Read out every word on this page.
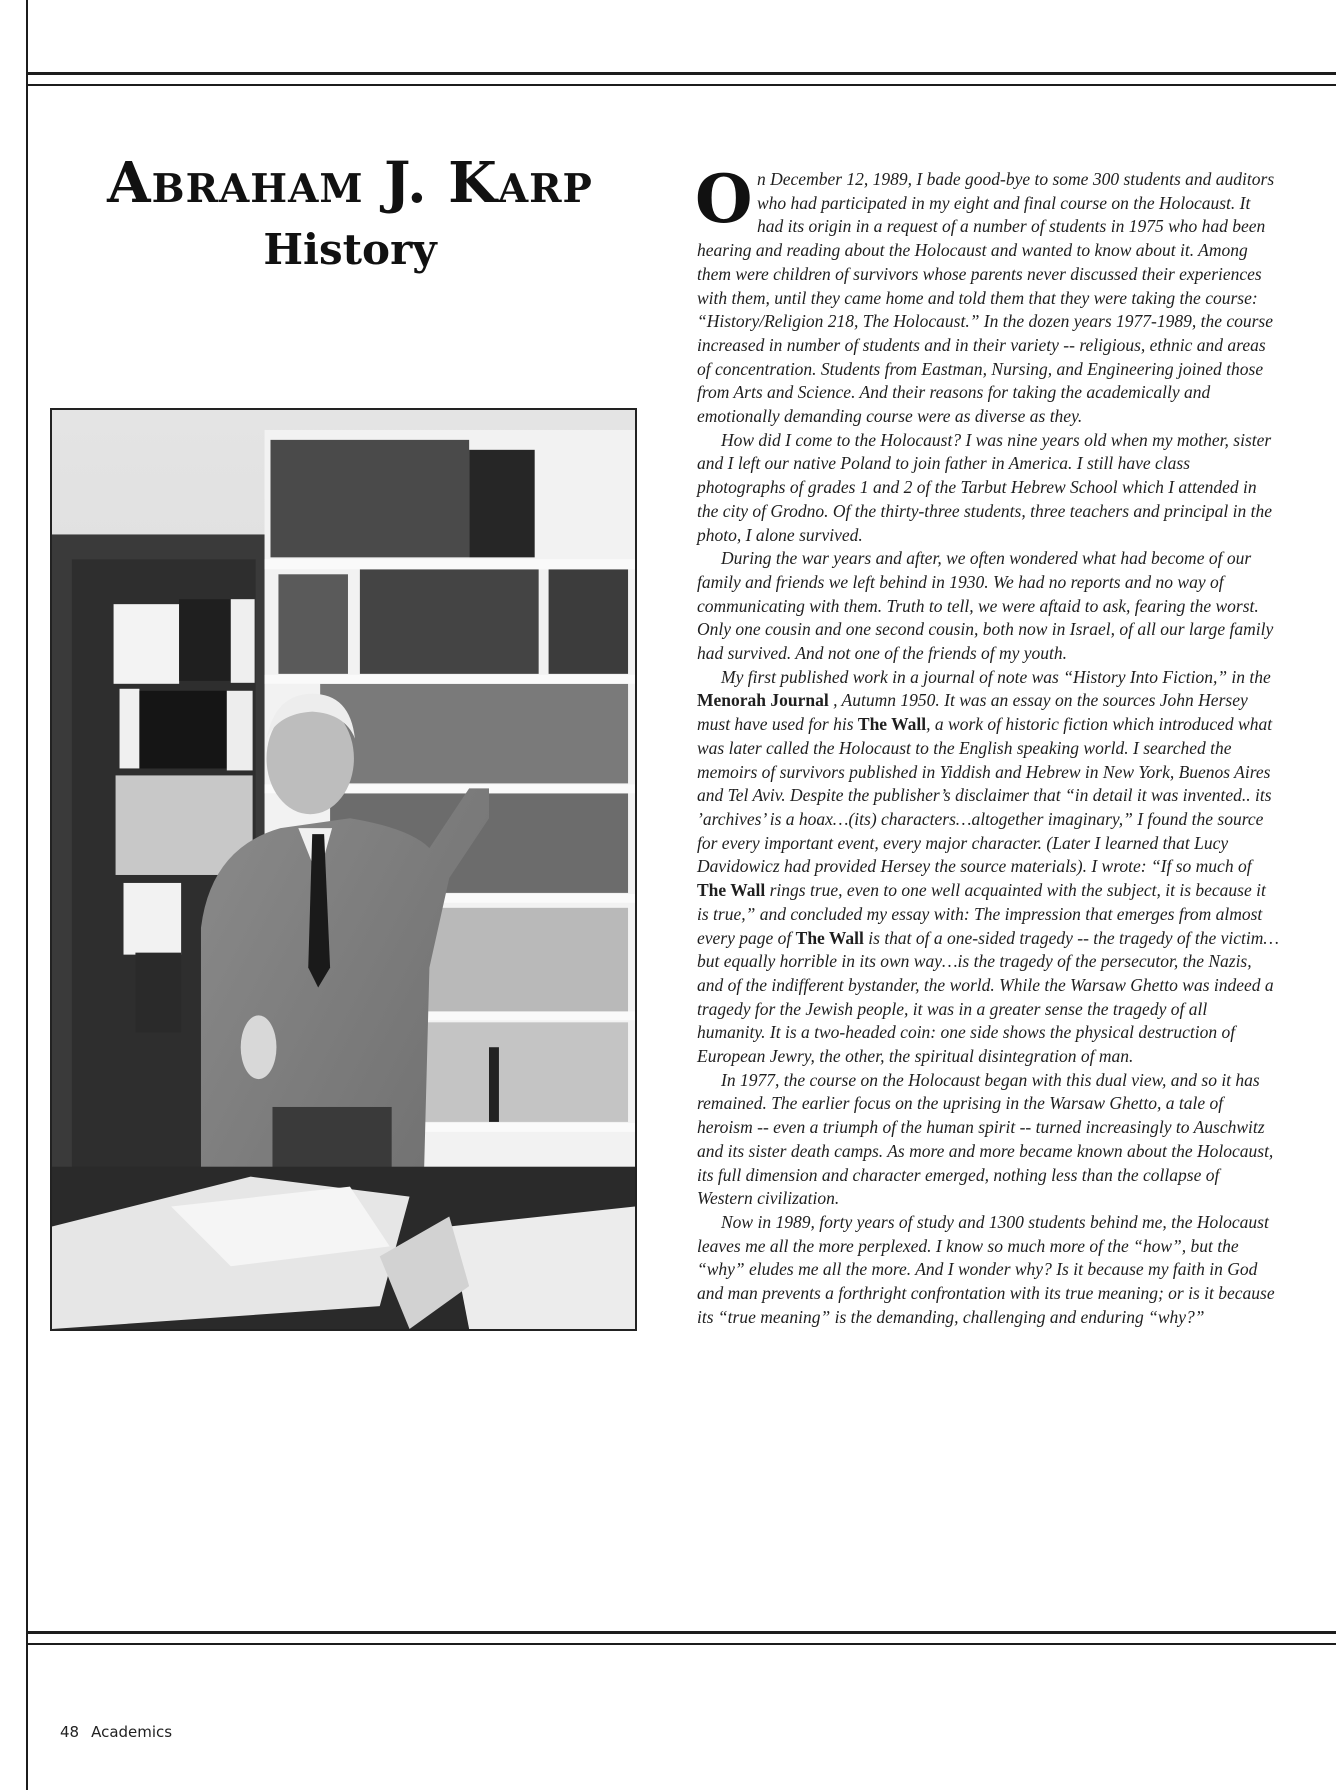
Abraham J. Karp
History

On December 12, 1989, I bade good-bye to some 300 students and auditors who had participated in my eight and final course on the Holocaust. It had its origin in a request of a number of students in 1975 who had been hearing and reading about the Holocaust and wanted to know about it. Among them were children of survivors whose parents never discussed their experiences with them, until they came home and told them that they were taking the course: “History/Religion 218, The Holocaust.” In the dozen years 1977-1989, the course increased in number of students and in their variety -- religious, ethnic and areas of concentration. Students from Eastman, Nursing, and Engineering joined those from Arts and Science. And their reasons for taking the academically and emotionally demanding course were as diverse as they.

How did I come to the Holocaust? I was nine years old when my mother, sister and I left our native Poland to join father in America. I still have class photographs of grades 1 and 2 of the Tarbut Hebrew School which I attended in the city of Grodno. Of the thirty-three students, three teachers and principal in the photo, I alone survived.

During the war years and after, we often wondered what had become of our family and friends we left behind in 1930. We had no reports and no way of communicating with them. Truth to tell, we were aftaid to ask, fearing the worst. Only one cousin and one second cousin, both now in Israel, of all our large family had survived. And not one of the friends of my youth.

My first published work in a journal of note was “History Into Fiction,” in the Menorah Journal , Autumn 1950. It was an essay on the sources John Hersey must have used for his The Wall, a work of historic fiction which introduced what was later called the Holocaust to the English speaking world. I searched the memoirs of survivors published in Yiddish and Hebrew in New York, Buenos Aires and Tel Aviv. Despite the publisher’s disclaimer that “in detail it was invented.. its ’archives’ is a hoax…(its) characters…altogether imaginary,” I found the source for every important event, every major character. (Later I learned that Lucy Davidowicz had provided Hersey the source materials). I wrote: “If so much of The Wall rings true, even to one well acquainted with the subject, it is because it is true,” and concluded my essay with: The impression that emerges from almost every page of The Wall is that of a one-sided tragedy -- the tragedy of the victim…but equally horrible in its own way…is the tragedy of the persecutor, the Nazis, and of the indifferent bystander, the world. While the Warsaw Ghetto was indeed a tragedy for the Jewish people, it was in a greater sense the tragedy of all humanity. It is a two-headed coin: one side shows the physical destruction of European Jewry, the other, the spiritual disintegration of man.

In 1977, the course on the Holocaust began with this dual view, and so it has remained. The earlier focus on the uprising in the Warsaw Ghetto, a tale of heroism -- even a triumph of the human spirit -- turned increasingly to Auschwitz and its sister death camps. As more and more became known about the Holocaust, its full dimension and character emerged, nothing less than the collapse of Western civilization.

Now in 1989, forty years of study and 1300 students behind me, the Holocaust leaves me all the more perplexed. I know so much more of the “how”, but the “why” eludes me all the more. And I wonder why? Is it because my faith in God and man prevents a forthright confrontation with its true meaning; or is it because its “true meaning” is the demanding, challenging and enduring “why?”

48 Academics
